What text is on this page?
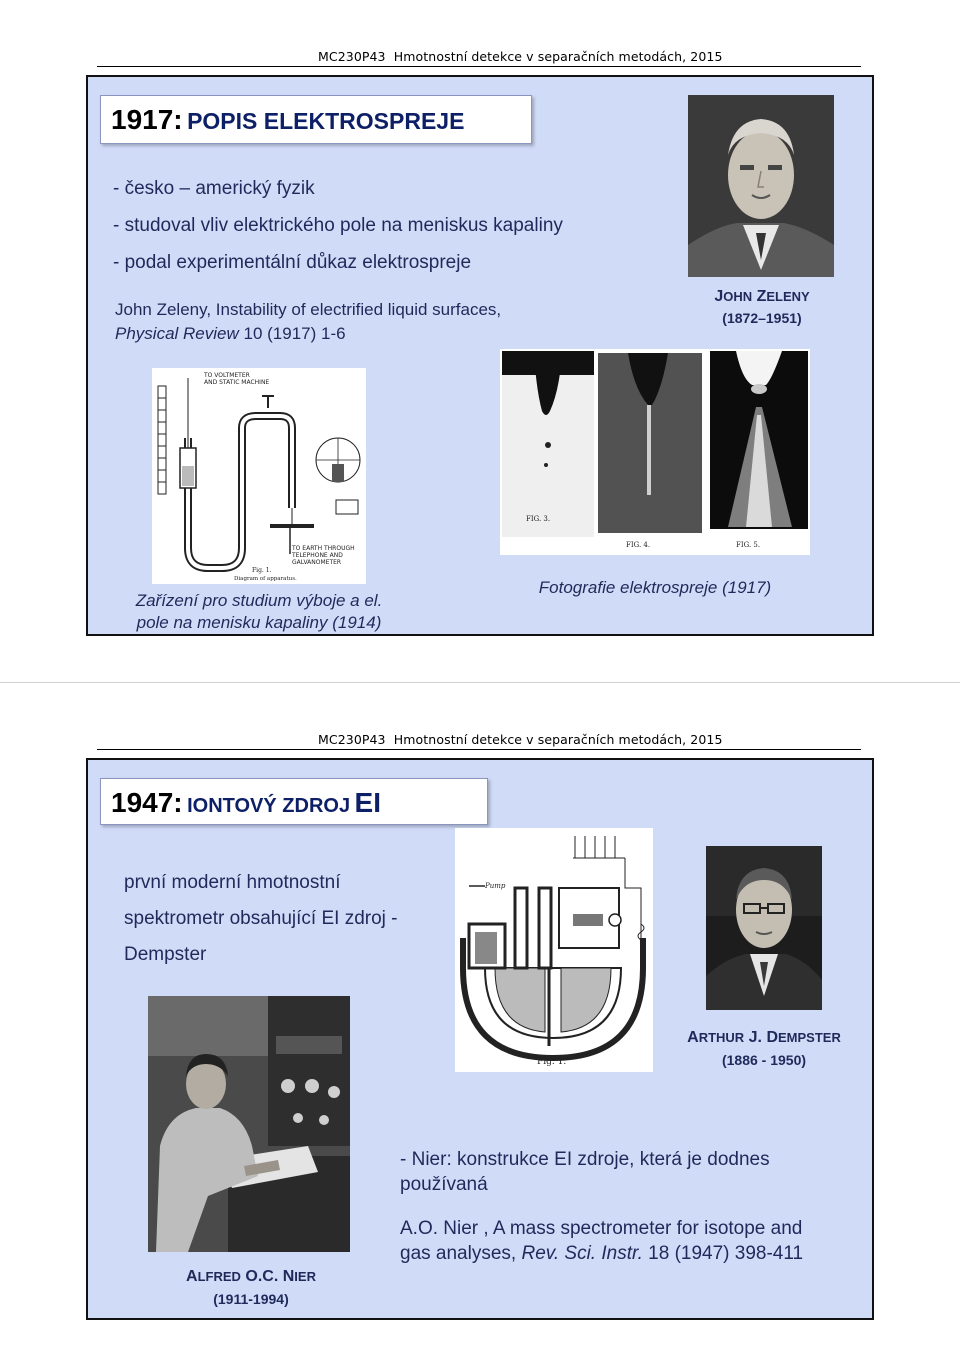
MC230P43 Hmotnostní detekce v separačních metodách, 2015
1917: POPIS ELEKTROSPREJE
- česko – americký fyzik
- studoval vliv elektrického pole na meniskus kapaliny
- podal experimentální důkaz elektrospreje
John Zeleny, Instability of electrified liquid surfaces,
Physical Review 10 (1917) 1-6
JOHN ZELENY
(1872–1951)
TO VOLTMETER
AND STATIC MACHINE
TO EARTH THROUGH
TELEPHONE AND
GALVANOMETER
Fig. 1.
Diagram of apparatus.
FIG. 3.
FIG. 4.	FIG. 5.
Zařízení pro studium výboje a el.
pole na menisku kapaliny (1914)
Fotografie elektrospreje (1917)
MC230P43 Hmotnostní detekce v separačních metodách, 2015
1947: IONTOVÝ ZDROJ EI
první moderní hmotnostní
spektrometr obsahující EI zdroj -
Dempster
Pump
Fig. 1.
ARTHUR J. DEMPSTER
(1886 - 1950)
ALFRED O.C. NIER
(1911-1994)
- Nier: konstrukce EI zdroje, která je dodnes
používaná
A.O. Nier , A mass spectrometer for isotope and
gas analyses, Rev. Sci. Instr. 18 (1947) 398-411
